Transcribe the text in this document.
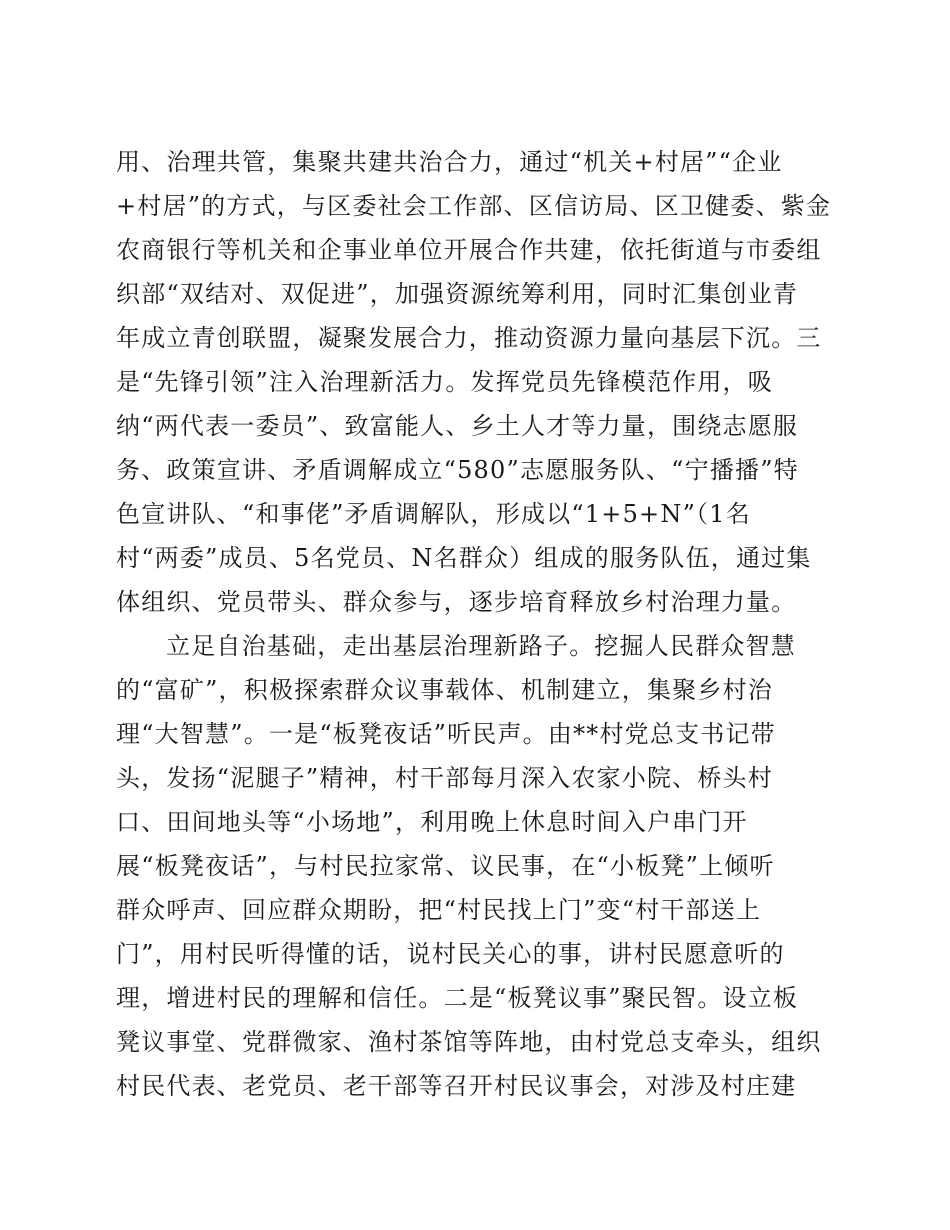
用、治理共管，集聚共建共治合力，通过“机关+村居”“企业
+村居”的方式，与区委社会工作部、区信访局、区卫健委、紫金
农商银行等机关和企事业单位开展合作共建，依托街道与市委组
织部“双结对、双促进”，加强资源统筹利用，同时汇集创业青
年成立青创联盟，凝聚发展合力，推动资源力量向基层下沉。三
是“先锋引领”注入治理新活力。发挥党员先锋模范作用，吸
纳“两代表一委员”、致富能人、乡土人才等力量，围绕志愿服
务、政策宣讲、矛盾调解成立“580”志愿服务队、“宁播播”特
色宣讲队、“和事佬”矛盾调解队，形成以“1+5+N”（1名
村“两委”成员、5名党员、N名群众）组成的服务队伍，通过集
体组织、党员带头、群众参与，逐步培育释放乡村治理力量。
立足自治基础，走出基层治理新路子。挖掘人民群众智慧
的“富矿”，积极探索群众议事载体、机制建立，集聚乡村治
理“大智慧”。一是“板凳夜话”听民声。由**村党总支书记带
头，发扬“泥腿子”精神，村干部每月深入农家小院、桥头村
口、田间地头等“小场地”，利用晚上休息时间入户串门开
展“板凳夜话”，与村民拉家常、议民事，在“小板凳”上倾听
群众呼声、回应群众期盼，把“村民找上门”变“村干部送上
门”，用村民听得懂的话，说村民关心的事，讲村民愿意听的
理，增进村民的理解和信任。二是“板凳议事”聚民智。设立板
凳议事堂、党群微家、渔村茶馆等阵地，由村党总支牵头，组织
村民代表、老党员、老干部等召开村民议事会，对涉及村庄建
